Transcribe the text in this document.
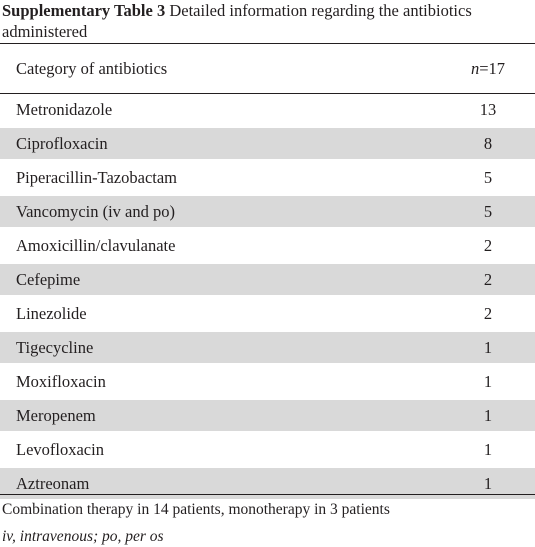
Supplementary Table 3 Detailed information regarding the antibiotics administered
Category of antibiotics	n=17
Metronidazole	13
Ciprofloxacin	8
Piperacillin-Tazobactam	5
Vancomycin (iv and po)	5
Amoxicillin/clavulanate	2
Cefepime	2
Linezolide	2
Tigecycline	1
Moxifloxacin	1
Meropenem	1
Levofloxacin	1
Aztreonam	1
Combination therapy in 14 patients, monotherapy in 3 patients
iv, intravenous; po, per os
